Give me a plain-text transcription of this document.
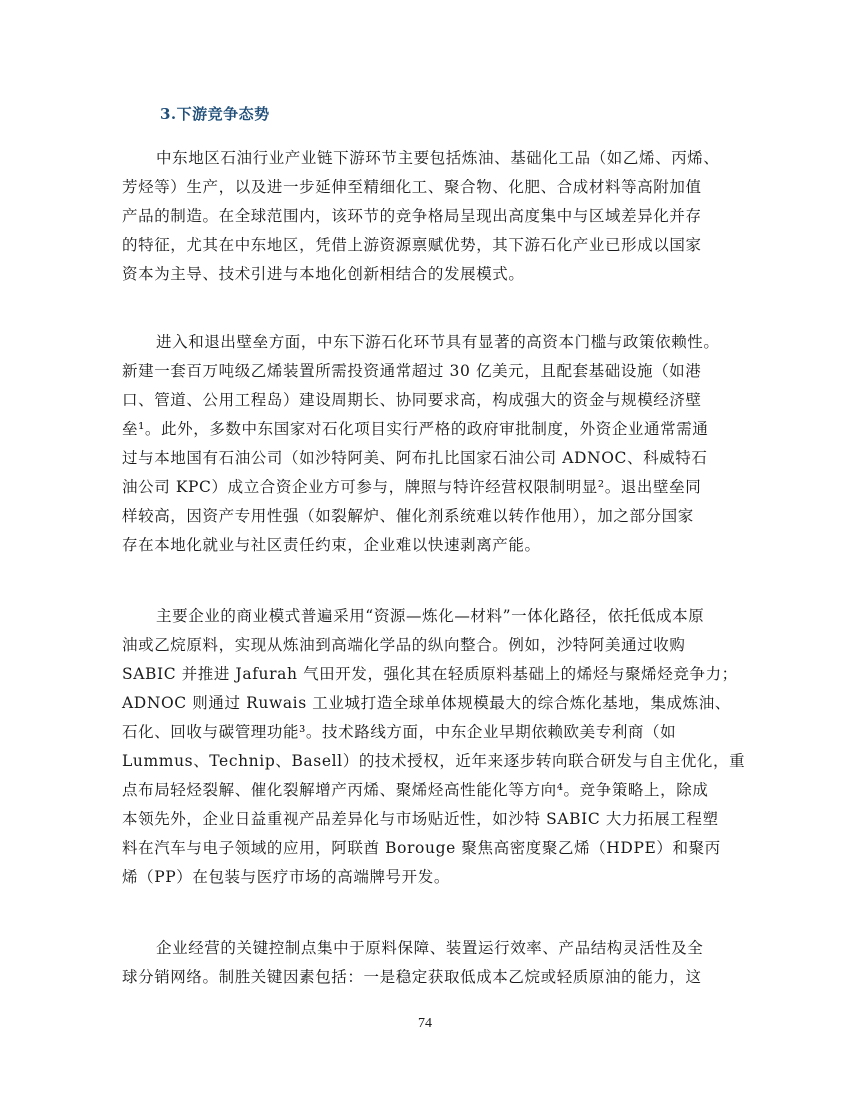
3.下游竞争态势
中东地区石油行业产业链下游环节主要包括炼油、基础化工品（如乙烯、丙烯、
芳烃等）生产，以及进一步延伸至精细化工、聚合物、化肥、合成材料等高附加值
产品的制造。在全球范围内，该环节的竞争格局呈现出高度集中与区域差异化并存
的特征，尤其在中东地区，凭借上游资源禀赋优势，其下游石化产业已形成以国家
资本为主导、技术引进与本地化创新相结合的发展模式。
进入和退出壁垒方面，中东下游石化环节具有显著的高资本门槛与政策依赖性。
新建一套百万吨级乙烯装置所需投资通常超过 30 亿美元，且配套基础设施（如港
口、管道、公用工程岛）建设周期长、协同要求高，构成强大的资金与规模经济壁
垒¹。此外，多数中东国家对石化项目实行严格的政府审批制度，外资企业通常需通
过与本地国有石油公司（如沙特阿美、阿布扎比国家石油公司 ADNOC、科威特石
油公司 KPC）成立合资企业方可参与，牌照与特许经营权限制明显²。退出壁垒同
样较高，因资产专用性强（如裂解炉、催化剂系统难以转作他用），加之部分国家
存在本地化就业与社区责任约束，企业难以快速剥离产能。
主要企业的商业模式普遍采用“资源—炼化—材料”一体化路径，依托低成本原
油或乙烷原料，实现从炼油到高端化学品的纵向整合。例如，沙特阿美通过收购
SABIC 并推进 Jafurah 气田开发，强化其在轻质原料基础上的烯烃与聚烯烃竞争力；
ADNOC 则通过 Ruwais 工业城打造全球单体规模最大的综合炼化基地，集成炼油、
石化、回收与碳管理功能³。技术路线方面，中东企业早期依赖欧美专利商（如
Lummus、Technip、Basell）的技术授权，近年来逐步转向联合研发与自主优化，重
点布局轻烃裂解、催化裂解增产丙烯、聚烯烃高性能化等方向⁴。竞争策略上，除成
本领先外，企业日益重视产品差异化与市场贴近性，如沙特 SABIC 大力拓展工程塑
料在汽车与电子领域的应用，阿联酋 Borouge 聚焦高密度聚乙烯（HDPE）和聚丙
烯（PP）在包装与医疗市场的高端牌号开发。
企业经营的关键控制点集中于原料保障、装置运行效率、产品结构灵活性及全
球分销网络。制胜关键因素包括：一是稳定获取低成本乙烷或轻质原油的能力，这
74
